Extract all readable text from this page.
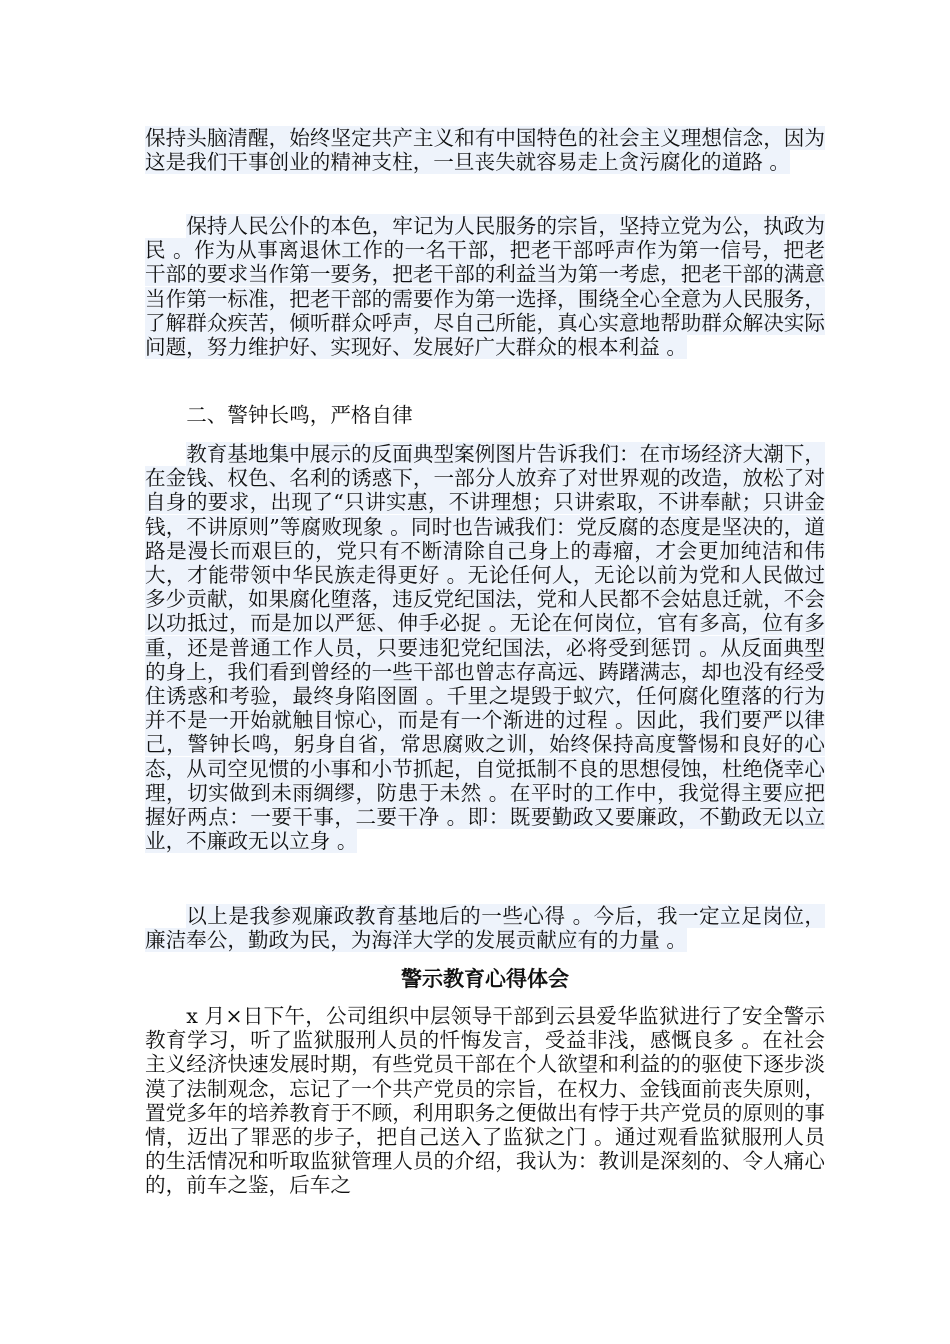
保持头脑清醒，始终坚定共产主义和有中国特色的社会主义理想信念，因为这是我们干事创业的精神支柱，一旦丧失就容易走上贪污腐化的道路 。

保持人民公仆的本色，牢记为人民服务的宗旨，坚持立党为公，执政为民 。作为从事离退休工作的一名干部，把老干部呼声作为第一信号，把老干部的要求当作第一要务，把老干部的利益当为第一考虑，把老干部的满意当作第一标准，把老干部的需要作为第一选择，围绕全心全意为人民服务，了解群众疾苦，倾听群众呼声，尽自己所能，真心实意地帮助群众解决实际问题，努力维护好、实现好、发展好广大群众的根本利益 。

二、警钟长鸣，严格自律

教育基地集中展示的反面典型案例图片告诉我们：在市场经济大潮下，在金钱、权色、名利的诱惑下，一部分人放弃了对世界观的改造，放松了对自身的要求，出现了“只讲实惠，不讲理想；只讲索取，不讲奉献；只讲金钱，不讲原则”等腐败现象 。同时也告诫我们：党反腐的态度是坚决的，道路是漫长而艰巨的，党只有不断清除自己身上的毒瘤，才会更加纯洁和伟大，才能带领中华民族走得更好 。无论任何人，无论以前为党和人民做过多少贡献，如果腐化堕落，违反党纪国法，党和人民都不会姑息迁就，不会以功抵过，而是加以严惩、伸手必捉 。无论在何岗位，官有多高，位有多重，还是普通工作人员，只要违犯党纪国法，必将受到惩罚 。从反面典型的身上，我们看到曾经的一些干部也曾志存高远、踌躇满志，却也没有经受住诱惑和考验，最终身陷囹圄 。千里之堤毁于蚁穴，任何腐化堕落的行为并不是一开始就触目惊心，而是有一个渐进的过程 。因此，我们要严以律己，警钟长鸣，躬身自省，常思腐败之训，始终保持高度警惕和良好的心态，从司空见惯的小事和小节抓起，自觉抵制不良的思想侵蚀，杜绝侥幸心理，切实做到未雨绸缪，防患于未然 。在平时的工作中，我觉得主要应把握好两点：一要干事，二要干净 。即：既要勤政又要廉政，不勤政无以立业，不廉政无以立身 。

以上是我参观廉政教育基地后的一些心得 。今后，我一定立足岗位，廉洁奉公，勤政为民，为海洋大学的发展贡献应有的力量 。

警示教育心得体会

x 月×日下午，公司组织中层领导干部到云县爱华监狱进行了安全警示教育学习，听了监狱服刑人员的忏悔发言，受益非浅，感慨良多 。在社会主义经济快速发展时期，有些党员干部在个人欲望和利益的的驱使下逐步淡漠了法制观念，忘记了一个共产党员的宗旨，在权力、金钱面前丧失原则，置党多年的培养教育于不顾，利用职务之便做出有悖于共产党员的原则的事情，迈出了罪恶的步子，把自己送入了监狱之门 。通过观看监狱服刑人员的生活情况和听取监狱管理人员的介绍，我认为：教训是深刻的、令人痛心的，前车之鉴，后车之
